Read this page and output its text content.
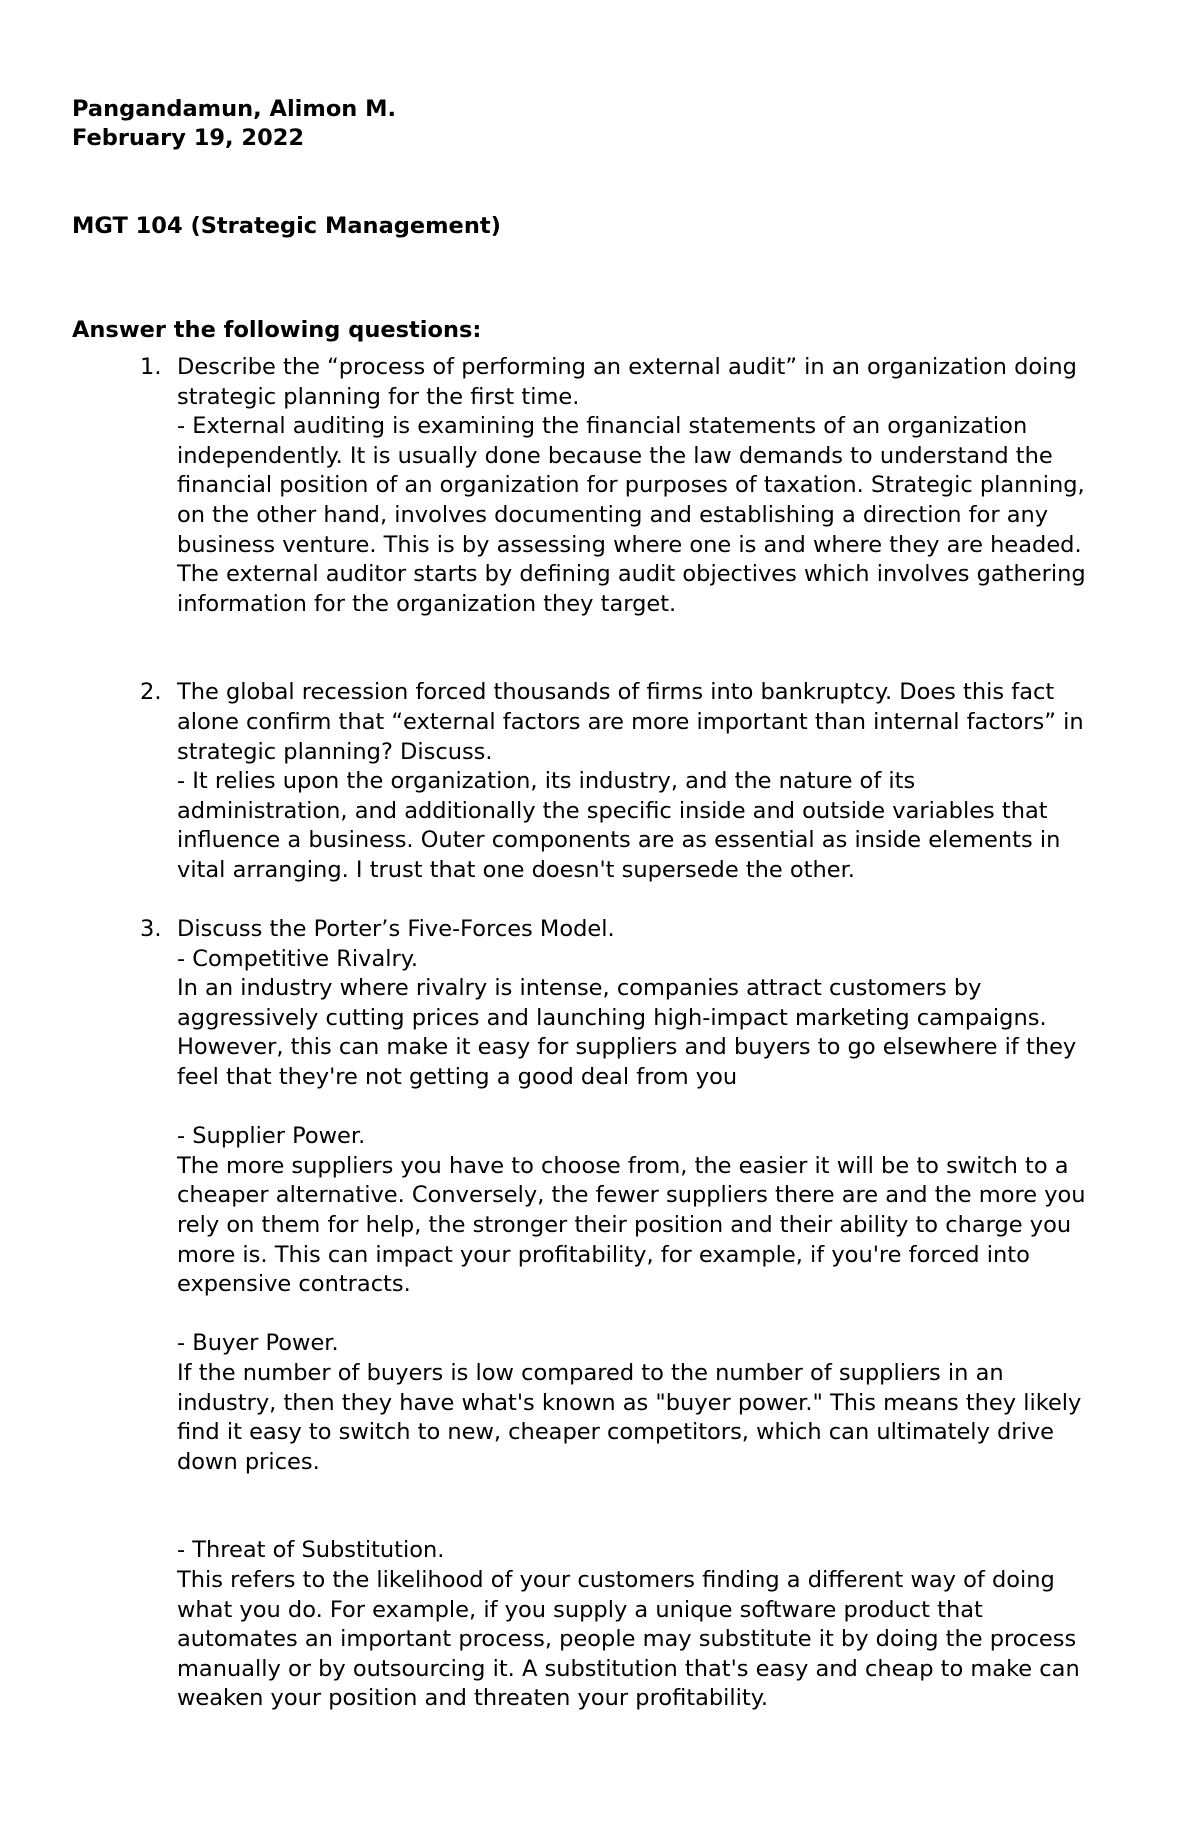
Pangandamun, Alimon M.
February 19, 2022
MGT 104 (Strategic Management)
Answer the following questions:
1. Describe the “process of performing an external audit” in an organization doing
strategic planning for the first time.
- External auditing is examining the financial statements of an organization
independently. It is usually done because the law demands to understand the
financial position of an organization for purposes of taxation. Strategic planning,
on the other hand, involves documenting and establishing a direction for any
business venture. This is by assessing where one is and where they are headed.
The external auditor starts by defining audit objectives which involves gathering
information for the organization they target.
2. The global recession forced thousands of firms into bankruptcy. Does this fact
alone confirm that “external factors are more important than internal factors” in
strategic planning? Discuss.
- It relies upon the organization, its industry, and the nature of its
administration, and additionally the specific inside and outside variables that
influence a business. Outer components are as essential as inside elements in
vital arranging. I trust that one doesn't supersede the other.
3. Discuss the Porter’s Five-Forces Model.
- Competitive Rivalry.
In an industry where rivalry is intense, companies attract customers by
aggressively cutting prices and launching high-impact marketing campaigns.
However, this can make it easy for suppliers and buyers to go elsewhere if they
feel that they're not getting a good deal from you
- Supplier Power.
The more suppliers you have to choose from, the easier it will be to switch to a
cheaper alternative. Conversely, the fewer suppliers there are and the more you
rely on them for help, the stronger their position and their ability to charge you
more is. This can impact your profitability, for example, if you're forced into
expensive contracts.
- Buyer Power.
If the number of buyers is low compared to the number of suppliers in an
industry, then they have what's known as "buyer power." This means they likely
find it easy to switch to new, cheaper competitors, which can ultimately drive
down prices.
- Threat of Substitution.
This refers to the likelihood of your customers finding a different way of doing
what you do. For example, if you supply a unique software product that
automates an important process, people may substitute it by doing the process
manually or by outsourcing it. A substitution that's easy and cheap to make can
weaken your position and threaten your profitability.
